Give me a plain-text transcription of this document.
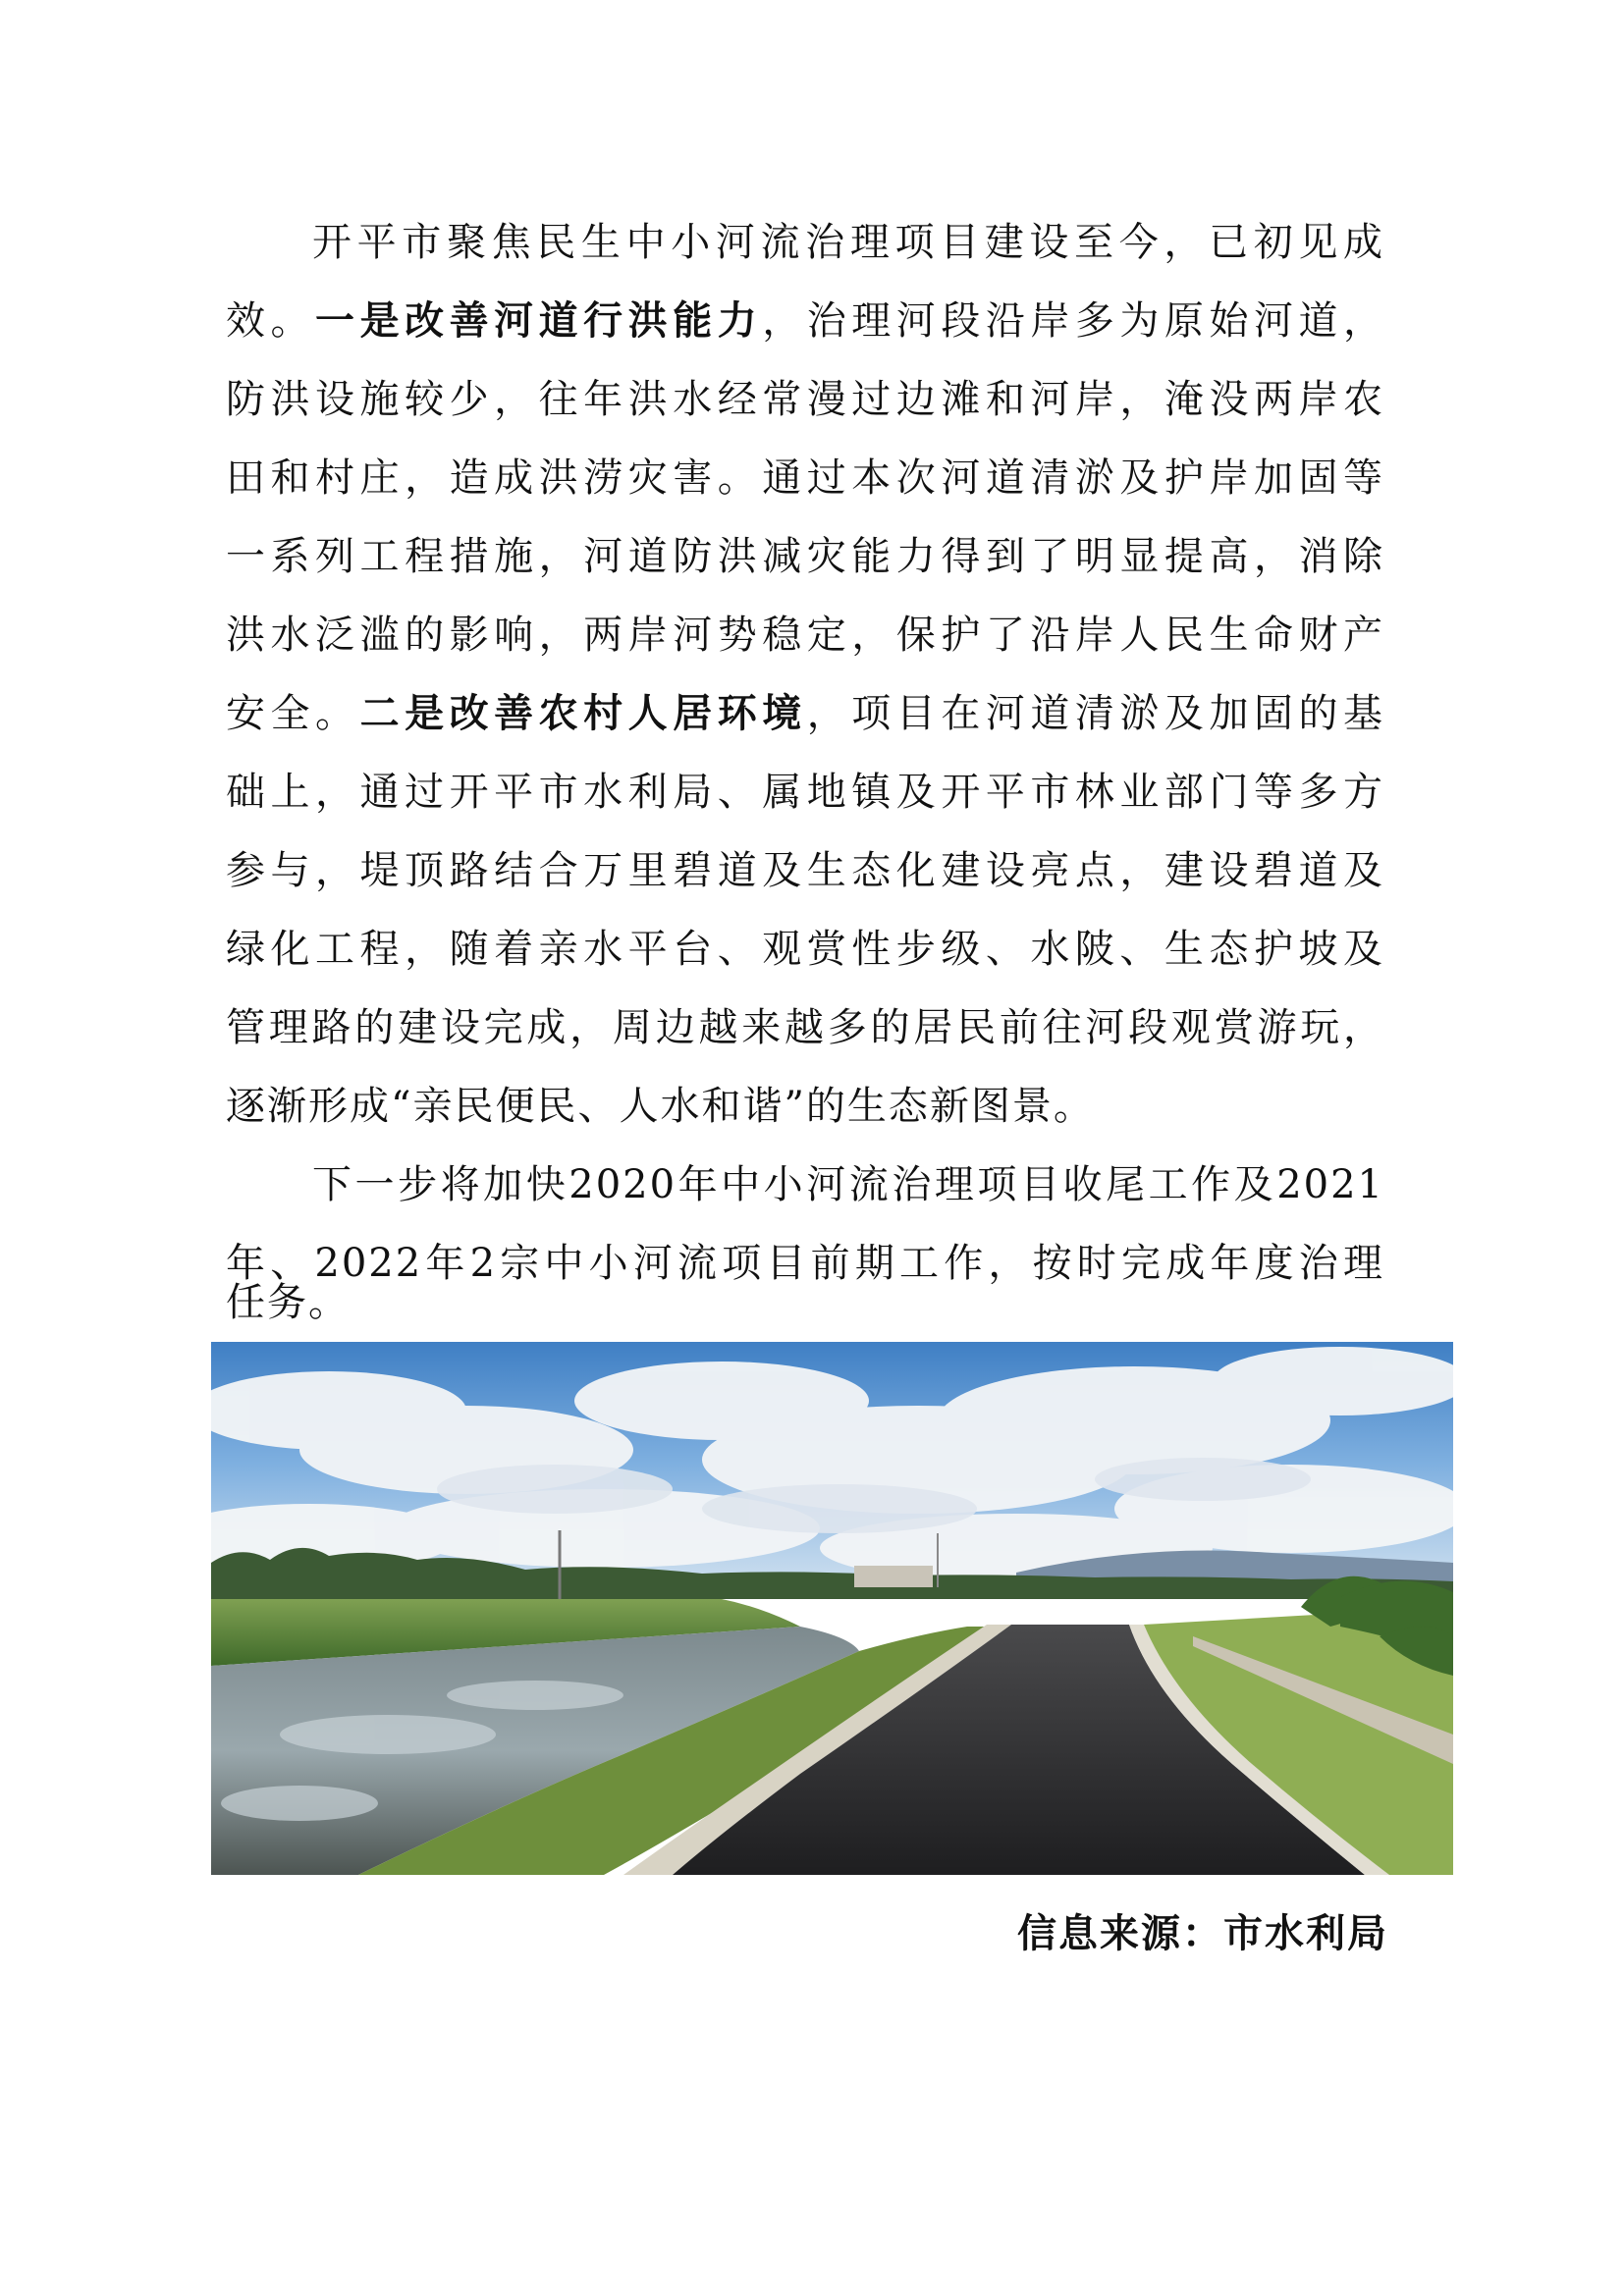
开平市聚焦民生中小河流治理项目建设至今，已初见成
效。一是改善河道行洪能力，治理河段沿岸多为原始河道，
防洪设施较少，往年洪水经常漫过边滩和河岸，淹没两岸农
田和村庄，造成洪涝灾害。通过本次河道清淤及护岸加固等
一系列工程措施，河道防洪减灾能力得到了明显提高，消除
洪水泛滥的影响，两岸河势稳定，保护了沿岸人民生命财产
安全。二是改善农村人居环境，项目在河道清淤及加固的基
础上，通过开平市水利局、属地镇及开平市林业部门等多方
参与，堤顶路结合万里碧道及生态化建设亮点，建设碧道及
绿化工程，随着亲水平台、观赏性步级、水陂、生态护坡及
管理路的建设完成，周边越来越多的居民前往河段观赏游玩，
逐渐形成“亲民便民、人水和谐”的生态新图景。
下一步将加快2020年中小河流治理项目收尾工作及2021
年、2022年2宗中小河流项目前期工作，按时完成年度治理
任务。
信息来源：市水利局
